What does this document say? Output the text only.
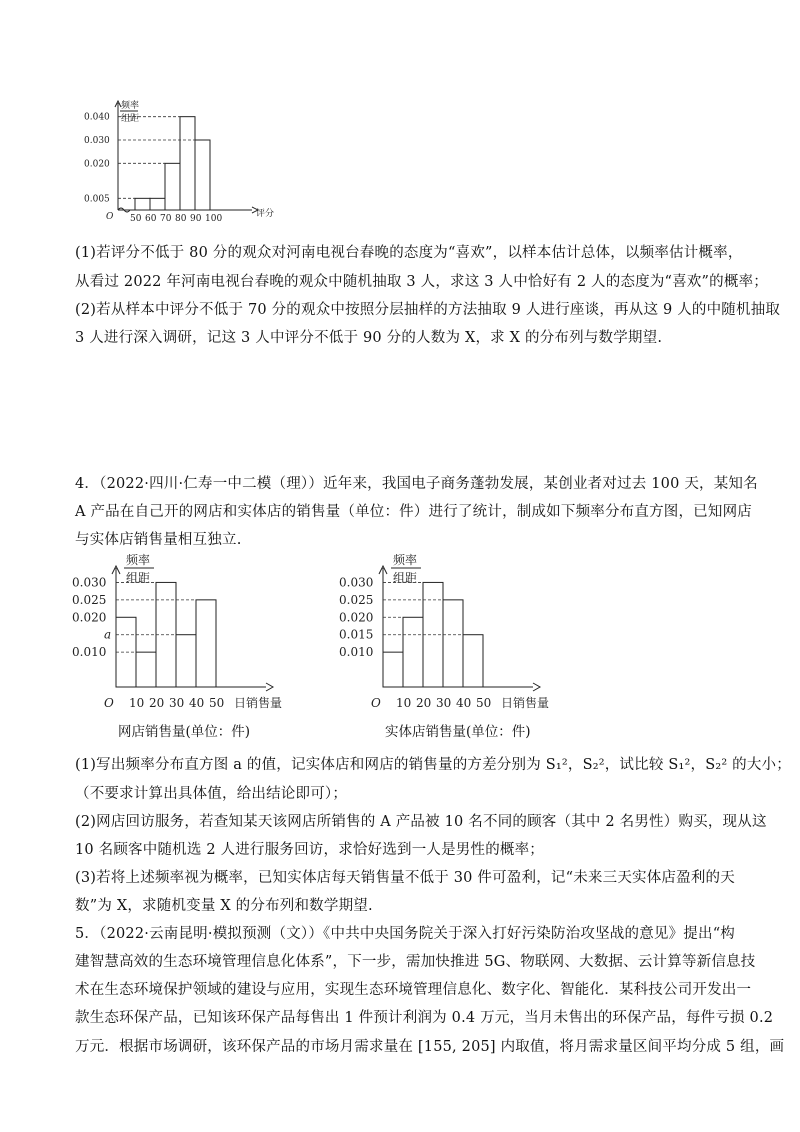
频率
组距
评分
O 50 60 70 80 90 100
0.005
0.020
0.030
0.040
(1)若评分不低于 80 分的观众对河南电视台春晚的态度为“喜欢”，以样本估计总体，以频率估计概率，
从看过 2022 年河南电视台春晚的观众中随机抽取 3 人，求这 3 人中恰好有 2 人的态度为“喜欢”的概率；
(2)若从样本中评分不低于 70 分的观众中按照分层抽样的方法抽取 9 人进行座谈，再从这 9 人的中随机抽取
3 人进行深入调研，记这 3 人中评分不低于 90 分的人数为 X，求 X 的分布列与数学期望.
4．（2022·四川·仁寿一中二模（理））近年来，我国电子商务蓬勃发展，某创业者对过去 100 天，某知名
A 产品在自己开的网店和实体店的销售量（单位：件）进行了统计，制成如下频率分布直方图，已知网店
与实体店销售量相互独立.
频率
组距
日销售量
O 10 20 30 40 50
0.030
0.025
0.020
a
0.010
频率
组距
日销售量
O 10 20 30 40 50
0.030
0.025
0.020
0.015
0.010
网店销售量(单位：件)	实体店销售量(单位：件)
(1)写出频率分布直方图 a 的值，记实体店和网店的销售量的方差分别为 S₁²，S₂²，试比较 S₁²，S₂² 的大小；
（不要求计算出具体值，给出结论即可）；
(2)网店回访服务，若查知某天该网店所销售的 A 产品被 10 名不同的顾客（其中 2 名男性）购买，现从这
10 名顾客中随机选 2 人进行服务回访，求恰好选到一人是男性的概率；
(3)若将上述频率视为概率，已知实体店每天销售量不低于 30 件可盈利，记“未来三天实体店盈利的天
数”为 X，求随机变量 X 的分布列和数学期望.
5．（2022·云南昆明·模拟预测（文））《中共中央国务院关于深入打好污染防治攻坚战的意见》提出“构
建智慧高效的生态环境管理信息化体系”，下一步，需加快推进 5G、物联网、大数据、云计算等新信息技
术在生态环境保护领域的建设与应用，实现生态环境管理信息化、数字化、智能化．某科技公司开发出一
款生态环保产品，已知该环保产品每售出 1 件预计利润为 0.4 万元，当月未售出的环保产品，每件亏损 0.2
万元．根据市场调研，该环保产品的市场月需求量在 [155, 205] 内取值，将月需求量区间平均分成 5 组，画
